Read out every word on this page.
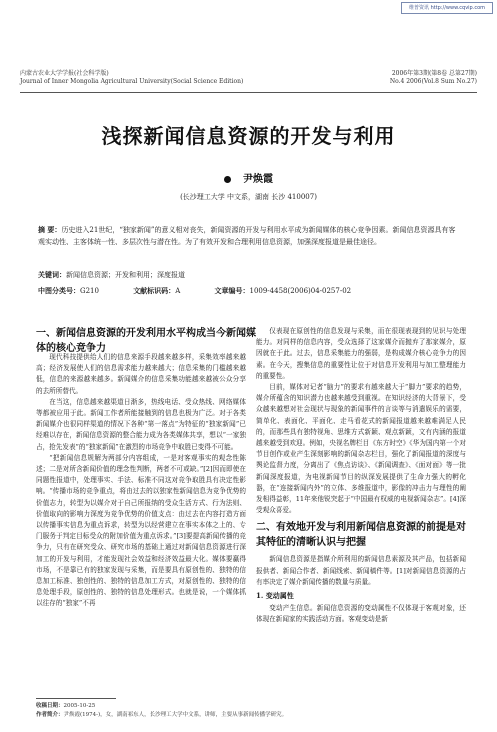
维普资讯 http://www.cqvip.com
内蒙古农业大学学报(社会科学版)
Journal of Inner Mongolia Agricultural University(Social Science Edition)
2006年第3期(第8卷 总第27期)
No.4 2006(Vol.8 Sum No.27)
浅探新闻信息资源的开发与利用
尹焕霞
(长沙理工大学 中文系，湖南 长沙 410007)
摘 要：历史进入21世纪，“独家新闻”的意义相对丧失，新闻资源的开发与利用水平成为新闻媒体的核心竞争因素。新闻信息资源具有客观实动性、主客体统一性、多层次性与潜在性。为了有效开发和合理利用信息资源，加强深度报道是最佳途径。
关键词：新闻信息资源；开发和利用；深度报道
中图分类号：G210	文献标识码：A	文章编号：1009-4458(2006)04-0257-02
一、新闻信息资源的开发利用水平构成当今新闻媒体的核心竞争力

现代科技提供给人们的信息来源手段越来越多样，采集效率越来越高；经济发展使人们的信息需求能力越来越大；信息采集的门槛越来越低，信息的来源越来越多。新闻媒介的信息采集功能越来越被公众分享的去所所替代。

在当这，信息越来越渠道日渐多，热线电话、受众热线、网络媒体等都被应用于此。新闻工作者所能接触到的信息也极为广泛。对于各类新闻媒介也很同样渠道的情况下各种“第一落点”为特征的“独家新闻”已经难以存在，新闻信息资源的整合能力成为各类媒体共享，想以“一家独占，抢先发表”的“独家新闻”在激烈的市场竞争中取胜已变得不可能。

“把新闻信息规解为两部分内容组成，一是对客观事实的观念性陈述；二是对所含新闻价值的理念性判断，两者不可或缺。”[2]因而即使在同题性报道中，处理事实、手法、标准不同这对竞争取胜具有决定性影响。“传播市场的竞争重点，将由过去的以独家性新闻信息为竞争优势的价值志力，转型为以媒介对于自己所报纳的受众生活方式、行为法则、价值取向的影响力深度为竞争优势的价值支点：由过去在内容打造方面以传播事实信息为重点诉求，转型为以经营建立在事实本体之上的、专门服务于判定目标受众的附加价值为重点诉求。”[3]要提高新闻传播的竞争力，只有在研究受众、研究市场的基础上通过对新闻信息资源进行深加工的开发与利用，才能发现社会效益和经济效益最大化。媒体要赢得市场，不是靠已有的独家发现与采集，而是要具有原创性的、独特的信息加工标准、独创性的、独特的信息加工方式，对原创性的、独特的信息处理手段，原创性的、独特的信息处理形式。也就是说，一个媒体抓以往存的“独家”不再

仅表现在原创性的信息发现与采集，而在很现表现到的见识与处理能力。对同样的信息内容，受众选择了这家媒介而抛弃了那家媒介，原因就在于此。过去，信息采集能力的强弱，是构成媒介核心竞争力的因素。在今天，搜集信息的重要性让位于对信息开发利用与加工整理能力的重要性。

目前，媒体对记者“脑力”的要求有越来越大于“脚力”要求的趋势，媒介所蕴含的知识潜力也越来越受到重视。在知识经济的大背景下，受众越来越想对社会现状与现象的新闻事件的言谈等与消遣娱乐的需要，简单化、表面化、平面化、走马看花式的新闻报道越来越难满足人民的，而那些具有独特视角、思维方式新颖、观点新颖，文有内涵的报道越来越受到欢迎。例如，央视名牌栏目《东方时空》《华为国内第一个对节目创作或业产生深刻影响的新闻杂志栏目，强化了新闻报道的深度与舆论监督力度，分离出了《焦点访谈》、《新闻调查》、《面对面》等一批新闻深度报道，为电视新闻节目的纵深发展提供了生命力强大的孵化器，在“连接新闻内外”的立体、多维报道中，影像的冲击力与理性的阐发相得益彰，11年来他锐突起于“中国最有权威的电视新闻杂志”。[4]深受观众喜爱。

二、有效地开发与利用新闻信息资源的前提是对其特征的清晰认识与把握

新闻信息资源是指媒介所利用的新闻信息素源及其产品，包括新闻报供者、新闻合作者、新闻线索、新闻稿件等。[1]对新闻信息资源的占有率决定了媒介新闻传播的数量与质量。

1. 变动属性

变动产生信息。新闻信息资源的变动属性不仅体现于客观对象，还体现在新闻家的实践活动方面。客观变动是新

收稿日期：2005-10-25
作者简介：尹焕霞(1974-)，女，湖南祁东人，长沙理工大学中文系，讲师，主要从事新闻传播学研究。
